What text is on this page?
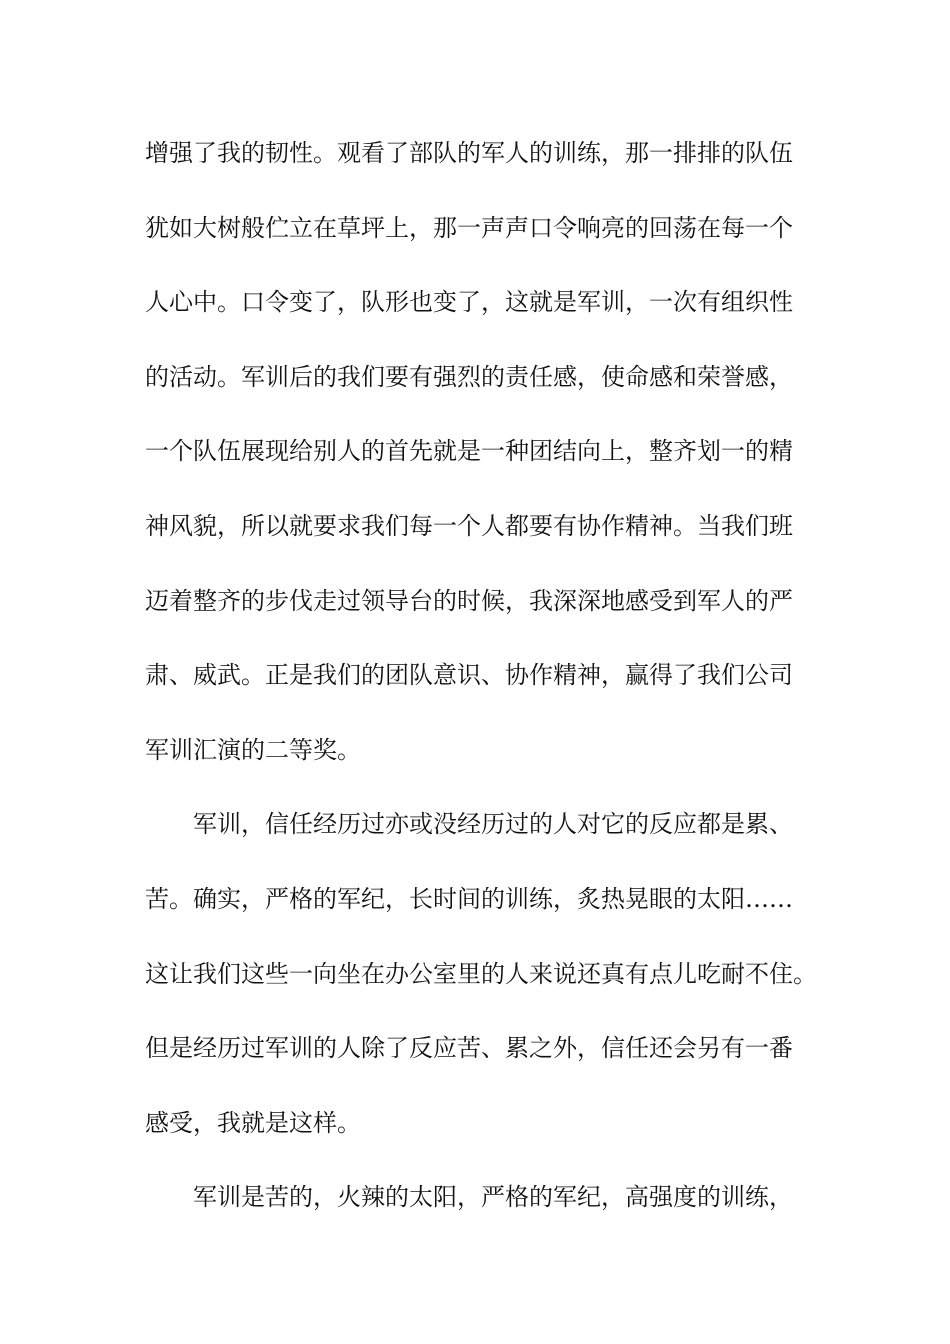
增强了我的韧性。观看了部队的军人的训练，那一排排的队伍
犹如大树般伫立在草坪上，那一声声口令响亮的回荡在每一个
人心中。口令变了，队形也变了，这就是军训，一次有组织性
的活动。军训后的我们要有强烈的责任感，使命感和荣誉感，
一个队伍展现给别人的首先就是一种团结向上，整齐划一的精
神风貌，所以就要求我们每一个人都要有协作精神。当我们班
迈着整齐的步伐走过领导台的时候，我深深地感受到军人的严
肃、威武。正是我们的团队意识、协作精神，赢得了我们公司
军训汇演的二等奖。
军训，信任经历过亦或没经历过的人对它的反应都是累、
苦。确实，严格的军纪，长时间的训练，炙热晃眼的太阳……
这让我们这些一向坐在办公室里的人来说还真有点儿吃耐不住。
但是经历过军训的人除了反应苦、累之外，信任还会另有一番
感受，我就是这样。
军训是苦的，火辣的太阳，严格的军纪，高强度的训练，
